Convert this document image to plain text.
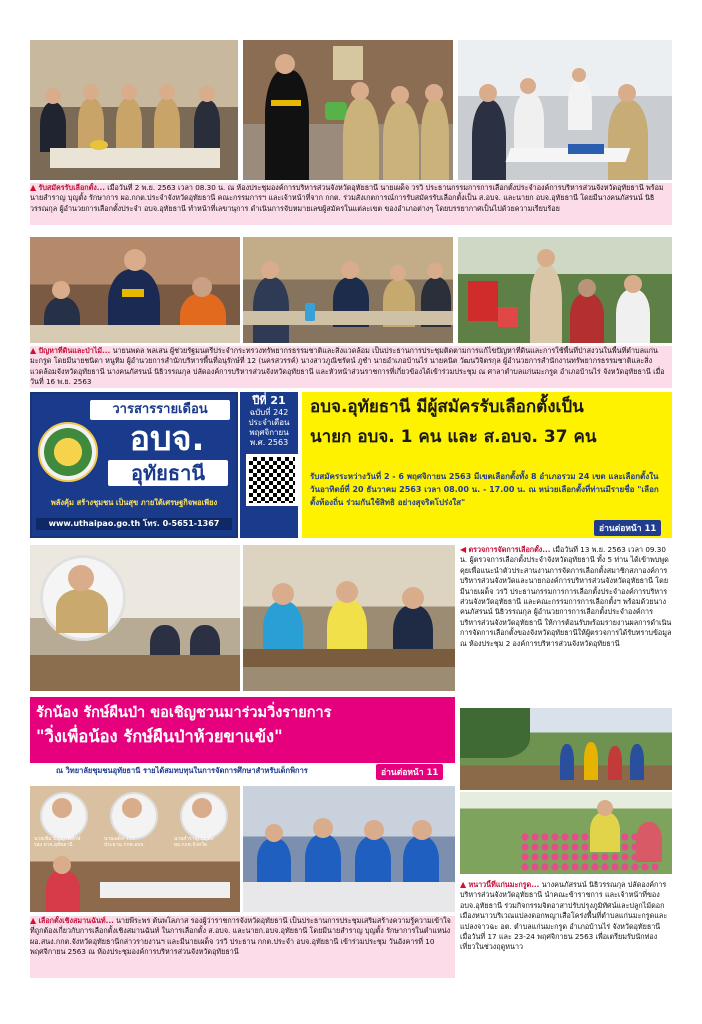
▲ รับสมัครรับเลือกตั้ง... เมื่อวันที่ 2 พ.ย. 2563 เวลา 08.30 น. ณ ห้องประชุมองค์การบริหารส่วนจังหวัดอุทัยธานี นายเผด็จ วรวิ ประธานกรรมการการเลือกตั้งประจำองค์การบริหารส่วนจังหวัดอุทัยธานี พร้อมนายสำราญ บุญตั้ง รักษาการ ผอ.กกต.ประจำจังหวัดอุทัยธานี คณะกรรมการฯ และเจ้าหน้าที่จาก กกต. ร่วมสังเกตการณ์การรับสมัครรับเลือกตั้งเป็น ส.อบจ. และนายก อบจ.อุทัยธานี โดยมีนางคนภัสรนน์ นิธิวรรณกุล ผู้อำนวยการเลือกตั้งประจำ อบจ.อุทัยธานี ทำหน้าที่เลขานุการ ดำเนินการจับหมายเลขผู้สมัครในแต่ละเขต ของอำเภอต่างๆ โดยบรรยากาศเป็นไปด้วยความเรียบร้อย
▲ ปัญหาที่ดินและป่าไม้... นายนพดล พลเสน ผู้ช่วยรัฐมนตรีประจำกระทรวงทรัพยากรธรรมชาติและสิ่งแวดล้อม เป็นประธานการประชุมติดตามการแก้ไขปัญหาที่ดินและการใช้พื้นที่ป่าสงวนในพื้นที่ตำบลแก่นมะกรูด โดยมีนายชนิดา หนูทิม ผู้อำนวยการสำนักบริหารพื้นที่อนุรักษ์ที่ 12 (นครสวรรค์) นางสาวภูณิชรัตน์ ภูชำ นายอำเภอบ้านไร่ นายคนิต วัฒนวิจิตรกุล ผู้อำนวยการสำนักงานทรัพยากรธรรมชาติและสิ่งแวดล้อมจังหวัดอุทัยธานี นางคนภัสรนน์ นิธิวรรณกุล ปลัดองค์การบริหารส่วนจังหวัดอุทัยธานี และหัวหน้าส่วนราชการที่เกี่ยวข้องได้เข้าร่วมประชุม ณ ศาลาตำบลแก่นมะกรูด อำเภอบ้านไร่ จังหวัดอุทัยธานี เมื่อวันที่ 16 พ.ย. 2563
วารสารรายเดือน
อบจ.
อุทัยธานี
พลังคุ้ม สร้างชุมชน เป็นสุข ภายใต้เศรษฐกิจพอเพียง
www.uthaipao.go.th โทร. 0-5651-1367
ปีที่ 21
ฉบับที่ 242
ประจำเดือน
พฤศจิกายน
พ.ศ. 2563
อบจ.อุทัยธานี มีผู้สมัครรับเลือกตั้งเป็น
นายก อบจ. 1 คน และ ส.อบจ. 37 คน
รับสมัครระหว่างวันที่ 2 - 6 พฤศจิกายน 2563 มีเขตเลือกตั้งทั้ง 8 อำเภอรวม 24 เขต และเลือกตั้งในวันอาทิตย์ที่ 20 ธันวาคม 2563 เวลา 08.00 น. - 17.00 น. ณ หน่วยเลือกตั้งที่ท่านมีรายชื่อ "เลือกตั้งท้องถิ่น ร่วมกันใช้สิทธิ อย่างสุจริตโปร่งใส"
อ่านต่อหน้า 11
◀ ตรวจการจัดการเลือกตั้ง... เมื่อวันที่ 13 พ.ย. 2563 เวลา 09.30 น. ผู้ตรวจการเลือกตั้งประจำจังหวัดอุทัยธานี ทั้ง 5 ท่าน ได้เข้าพบพูดคุยเพื่อแนะนำตัวประสานงานการจัดการเลือกตั้งสมาชิกสภาองค์การบริหารส่วนจังหวัดและนายกองค์การบริหารส่วนจังหวัดอุทัยธานี โดยมีนายเผด็จ วรวิ ประธานกรรมการการเลือกตั้งประจำองค์การบริหารส่วนจังหวัดอุทัยธานี และคณะกรรมการการเลือกตั้งฯ พร้อมด้วยนางคนภัสรนน์ นิธิวรรณกุล ผู้อำนวยการการเลือกตั้งประจำองค์การบริหารส่วนจังหวัดอุทัยธานี ให้การต้อนรับพร้อมรายงานผลการดำเนินการจัดการเลือกตั้งของจังหวัดอุทัยธานีให้ผู้ตรวจการได้รับทราบข้อมูล ณ ห้องประชุม 2 องค์การบริหารส่วนจังหวัดอุทัยธานี
รักน้อง รักษ์ผืนป่า ขอเชิญชวนมาร่วมวิ่งรายการ
"วิ่งเพื่อน้อง รักษ์ผืนป่าห้วยขาแข้ง"
ณ วิทยาลัยชุมชนอุทัยธานี รายได้สมทบทุนในการจัดการศึกษาสำหรับเด็กพิการ	อ่านต่อหน้า 11
นายเพิ่ม ปัญญาพิทักษ์
รอง ผวจ.อุทัยธานี
นายเผด็จ วรวิ
ประธาน กกต.อบจ.
นายสำราญ บุญตั้ง
ผอ.กกต.จังหวัด
▲ เลือกตั้งเชิงสมานฉันท์... นายพีระพร ต้นพโลภาส รองผู้ว่าราชการจังหวัดอุทัยธานี เป็นประธานการประชุมเสริมสร้างความรู้ความเข้าใจที่ถูกต้องเกี่ยวกับการเลือกตั้งเชิงสมานฉันท์ ในการเลือกตั้ง ส.อบจ. และนายก.อบจ.อุทัยธานี โดยมีนายสำราญ บุญตั้ง รักษาการในตำแหน่ง ผอ.สนง.กกต.จังหวัดอุทัยธานีกล่าวรายงานฯ และมีนายเผด็จ วรวิ ประธาน กกต.ประจำ อบจ.อุทัยธานี เข้าร่วมประชุม วันอังคารที่ 10 พฤศจิกายน 2563 ณ ห้องประชุมองค์การบริหารส่วนจังหวัดอุทัยธานี
▲ หนาวนี้ที่แก่นมะกรูด... นางคนภัสรนน์ นิธิวรรณกุล ปลัดองค์การบริหารส่วนจังหวัดอุทัยธานี นำคณะข้าราชการ และเจ้าหน้าที่ของ อบจ.อุทัยธานี ร่วมกิจกรรมจิตอาสาปรับปรุงภูมิทัศน์และปลูกไม้ดอกเมืองหนาวบริเวณแปลงดอกพญาเสือโคร่งพื้นที่ตำบลแก่นมะกรูดและแปลงจาวฉะ อต. ตำบลแก่นมะกรูด อำเภอบ้านไร่ จังหวัดอุทัยธานี เมื่อวันที่ 17 และ 23-24 พฤศจิกายน 2563 เพื่อเตรียมรับนักท่องเที่ยวในช่วงฤดูหนาว
